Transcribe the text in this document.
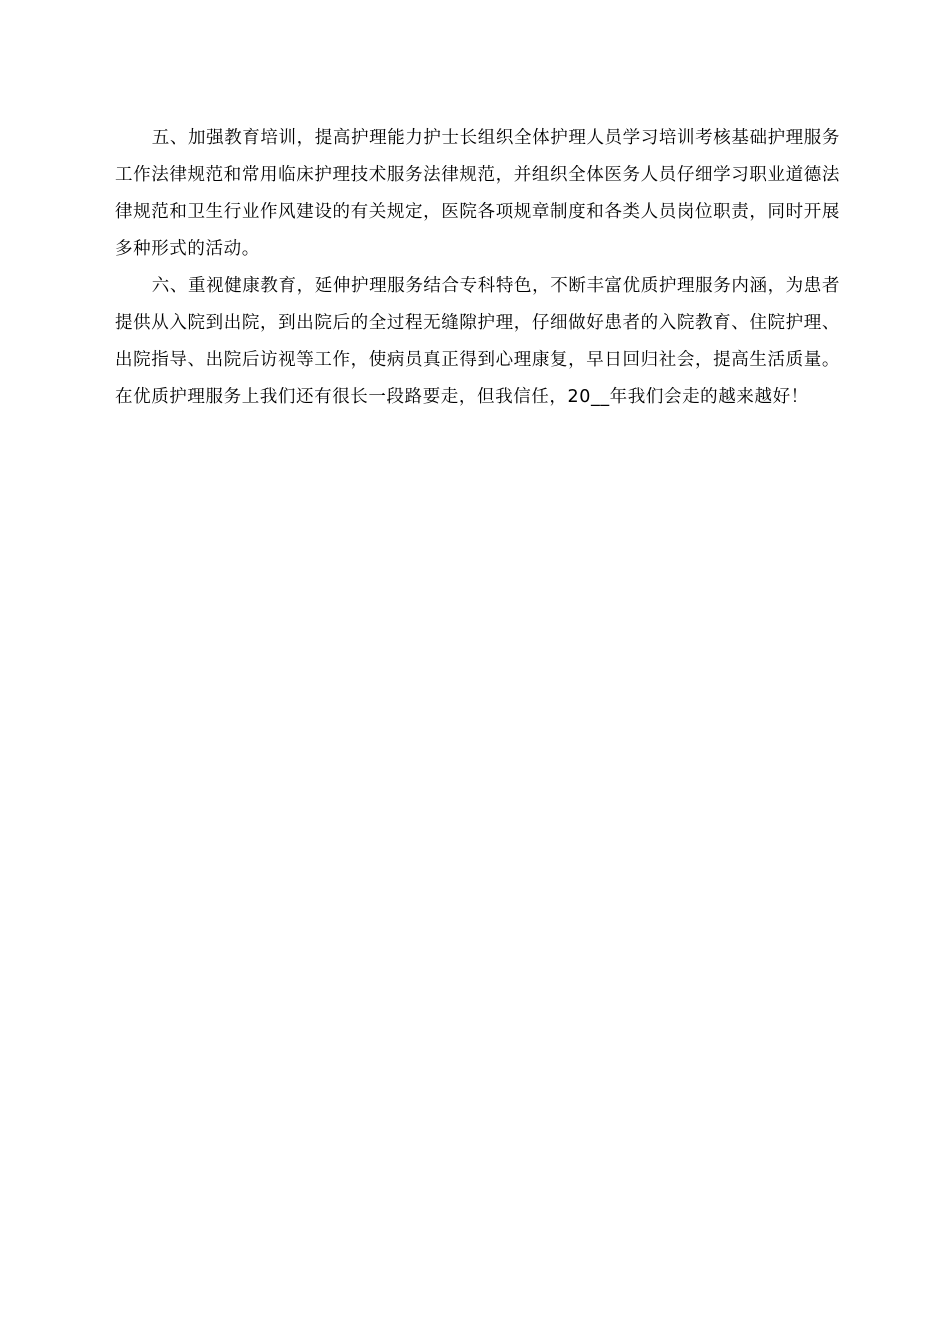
五、加强教育培训，提高护理能力护士长组织全体护理人员学习培训考核基础护理服务工作法律规范和常用临床护理技术服务法律规范，并组织全体医务人员仔细学习职业道德法律规范和卫生行业作风建设的有关规定，医院各项规章制度和各类人员岗位职责，同时开展多种形式的活动。

六、重视健康教育，延伸护理服务结合专科特色，不断丰富优质护理服务内涵，为患者提供从入院到出院，到出院后的全过程无缝隙护理，仔细做好患者的入院教育、住院护理、出院指导、出院后访视等工作，使病员真正得到心理康复，早日回归社会，提高生活质量。在优质护理服务上我们还有很长一段路要走，但我信任，20__年我们会走的越来越好！
